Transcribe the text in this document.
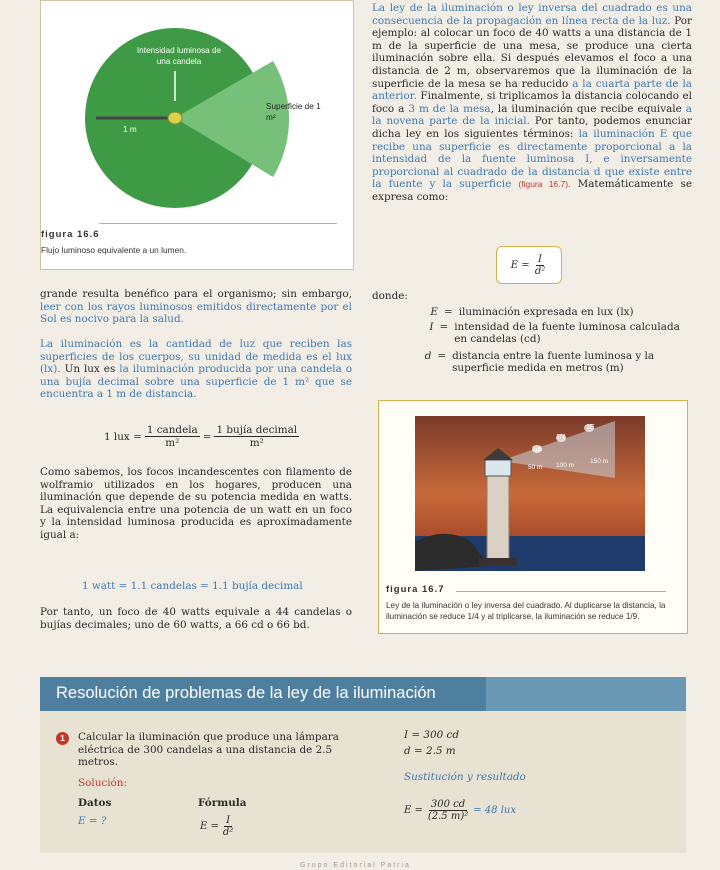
Intensidad luminosa de una candela
Superficie de 1 m²
1 m
figura 16.6
Flujo luminoso equivalente a un lumen.
La ley de la iluminación o ley inversa del cuadrado es una consecuencia de la propagación en línea recta de la luz. Por ejemplo: al colocar un foco de 40 watts a una distancia de 1 m de la superficie de una mesa, se produce una cierta iluminación sobre ella. Si después elevamos el foco a una distancia de 2 m, observaremos que la iluminación de la superficie de la mesa se ha reducido a la cuarta parte de la anterior. Finalmente, si triplicamos la distancia colocando el foco a 3 m de la mesa, la iluminación que recibe equivale a la novena parte de la inicial. Por tanto, podemos enunciar dicha ley en los siguientes términos: la iluminación E que recibe una superficie es directamente proporcional a la intensidad de la fuente luminosa I, e inversamente proporcional al cuadrado de la distancia d que existe entre la fuente y la superficie (figura 16.7). Matemáticamente se expresa como:
E =
$\frac{I}{\text{d²}}$
grande resulta benéfico para el organismo; sin embargo, leer con los rayos luminosos emitidos directamente por el Sol es nocivo para la salud.
La iluminación es la cantidad de luz que reciben las superficies de los cuerpos, su unidad de medida es el lux (lx). Un lux es la iluminación producida por una candela o una bujía decimal sobre una superficie de 1 m² que se encuentra a 1 m de distancia.
1 lux = $\frac{\text{1 candela}}{\text{m²}} = \frac{\text{1 bujía decimal}}{\text{m²}}$
Como sabemos, los focos incandescentes con filamento de wolframio utilizados en los hogares, producen una iluminación que depende de su potencia medida en watts. La equivalencia entre una potencia de un watt en un foco y la intensidad luminosa producida es aproximadamente igual a:
1 watt = 1.1 candelas = 1.1 bujía decimal
Por tanto, un foco de 40 watts equivale a 44 candelas o bujías decimales; uno de 60 watts, a 66 cd o 66 bd.
donde:
E = iluminación expresada en lux (lx)
I = intensidad de la fuente luminosa calculada en candelas (cd)
d = distancia entre la fuente luminosa y la superficie medida en metros (m)
1E
1/4
1/9
50 m 100 m
150 m
figura 16.7
Ley de la iluminación o ley inversa del cuadrado. Al duplicarse la distancia, la iluminación se reduce 1/4 y al triplicarse, la iluminación se reduce 1/9.
Resolución de problemas de la ley de la iluminación
1	Calcular la iluminación que produce una lámpara eléctrica de 300 candelas a una distancia de 2.5 metros.
Solución:
Datos	Fórmula
E = ?	$E = \frac{I}{\text{d²}}$
I = 300 cd
d = 2.5 m
Sustitución y resultado
$E = \frac{300 cd}{\text{(2.5 m)²}} = 48$ lux
Grupo Editorial Patria
